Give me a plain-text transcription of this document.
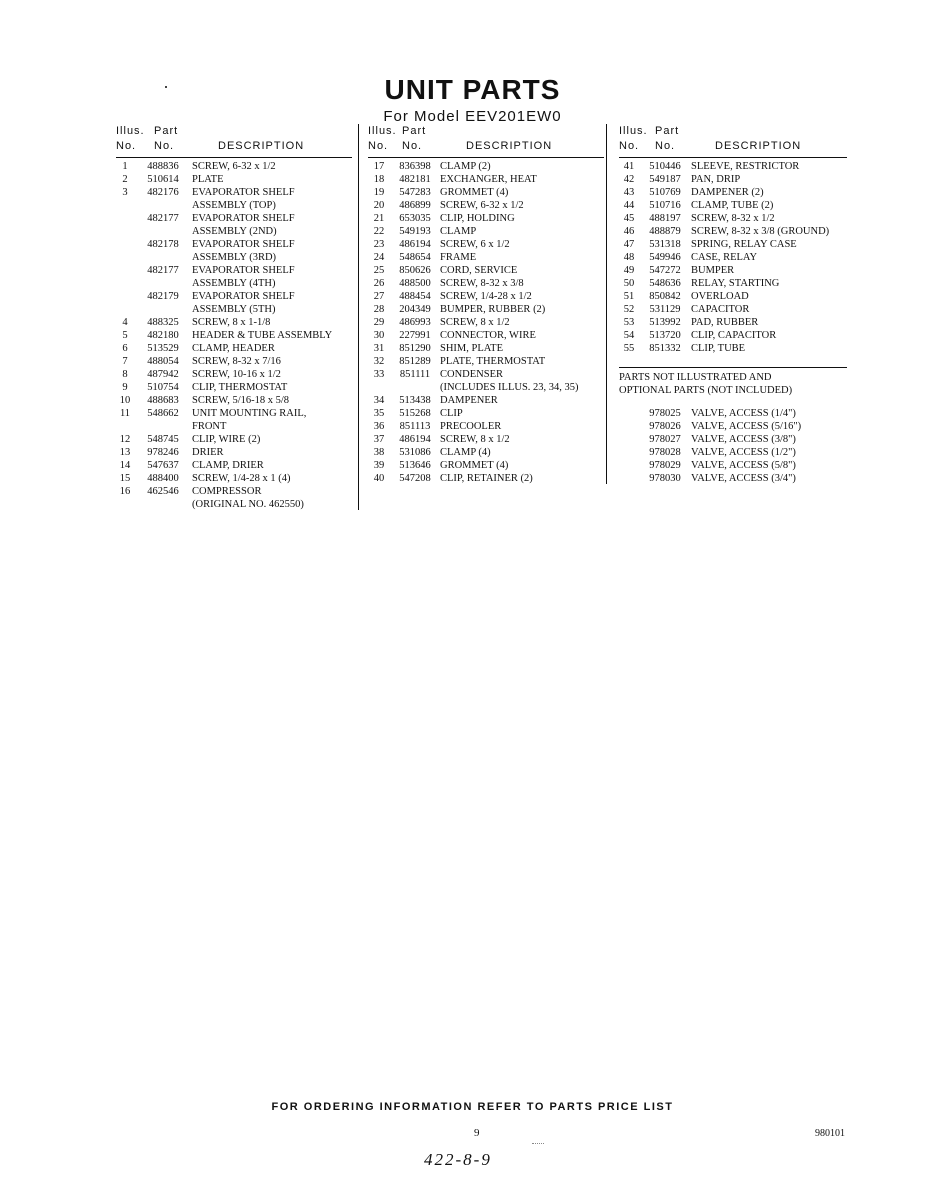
UNIT PARTS
For Model EEV201EW0
Illus. Part
No. No.	DESCRIPTION
1	488836	SCREW, 6-32 x 1/2
2	510614	PLATE
3	482176	EVAPORATOR SHELF
ASSEMBLY (TOP)
482177	EVAPORATOR SHELF
ASSEMBLY (2ND)
482178	EVAPORATOR SHELF
ASSEMBLY (3RD)
482177	EVAPORATOR SHELF
ASSEMBLY (4TH)
482179	EVAPORATOR SHELF
ASSEMBLY (5TH)
4	488325	SCREW, 8 x 1-1/8
5	482180	HEADER & TUBE ASSEMBLY
6	513529	CLAMP, HEADER
7	488054	SCREW, 8-32 x 7/16
8	487942	SCREW, 10-16 x 1/2
9	510754	CLIP, THERMOSTAT
10	488683	SCREW, 5/16-18 x 5/8
11	548662	UNIT MOUNTING RAIL,
FRONT
12	548745	CLIP, WIRE (2)
13	978246	DRIER
14	547637	CLAMP, DRIER
15	488400	SCREW, 1/4-28 x 1 (4)
16	462546	COMPRESSOR
(ORIGINAL NO. 462550)
Illus. Part
No. No.	DESCRIPTION
17	836398 CLAMP (2)
18	482181 EXCHANGER, HEAT
19	547283 GROMMET (4)
20	486899 SCREW, 6-32 x 1/2
21	653035 CLIP, HOLDING
22	549193 CLAMP
23	486194 SCREW, 6 x 1/2
24	548654 FRAME
25	850626 CORD, SERVICE
26	488500 SCREW, 8-32 x 3/8
27	488454 SCREW, 1/4-28 x 1/2
28	204349 BUMPER, RUBBER (2)
29	486993 SCREW, 8 x 1/2
30	227991 CONNECTOR, WIRE
31	851290 SHIM, PLATE
32	851289 PLATE, THERMOSTAT
33	851111 CONDENSER
(INCLUDES ILLUS. 23, 34, 35)
34	513438 DAMPENER
35	515268 CLIP
36	851113 PRECOOLER
37	486194 SCREW, 8 x 1/2
38	531086 CLAMP (4)
39	513646 GROMMET (4)
40	547208 CLIP, RETAINER (2)
Illus. Part
No. No.	DESCRIPTION
41	510446 SLEEVE, RESTRICTOR
42	549187 PAN, DRIP
43	510769 DAMPENER (2)
44	510716 CLAMP, TUBE (2)
45	488197 SCREW, 8-32 x 1/2
46	488879 SCREW, 8-32 x 3/8 (GROUND)
47	531318 SPRING, RELAY CASE
48	549946 CASE, RELAY
49	547272 BUMPER
50	548636 RELAY, STARTING
51	850842 OVERLOAD
52	531129 CAPACITOR
53	513992 PAD, RUBBER
54	513720 CLIP, CAPACITOR
55	851332 CLIP, TUBE
PARTS NOT ILLUSTRATED AND
OPTIONAL PARTS (NOT INCLUDED)
978025 VALVE, ACCESS (1/4")
978026 VALVE, ACCESS (5/16")
978027 VALVE, ACCESS (3/8")
978028 VALVE, ACCESS (1/2")
978029 VALVE, ACCESS (5/8")
978030 VALVE, ACCESS (3/4")
FOR ORDERING INFORMATION REFER TO PARTS PRICE LIST
9	980101
422-8-9
